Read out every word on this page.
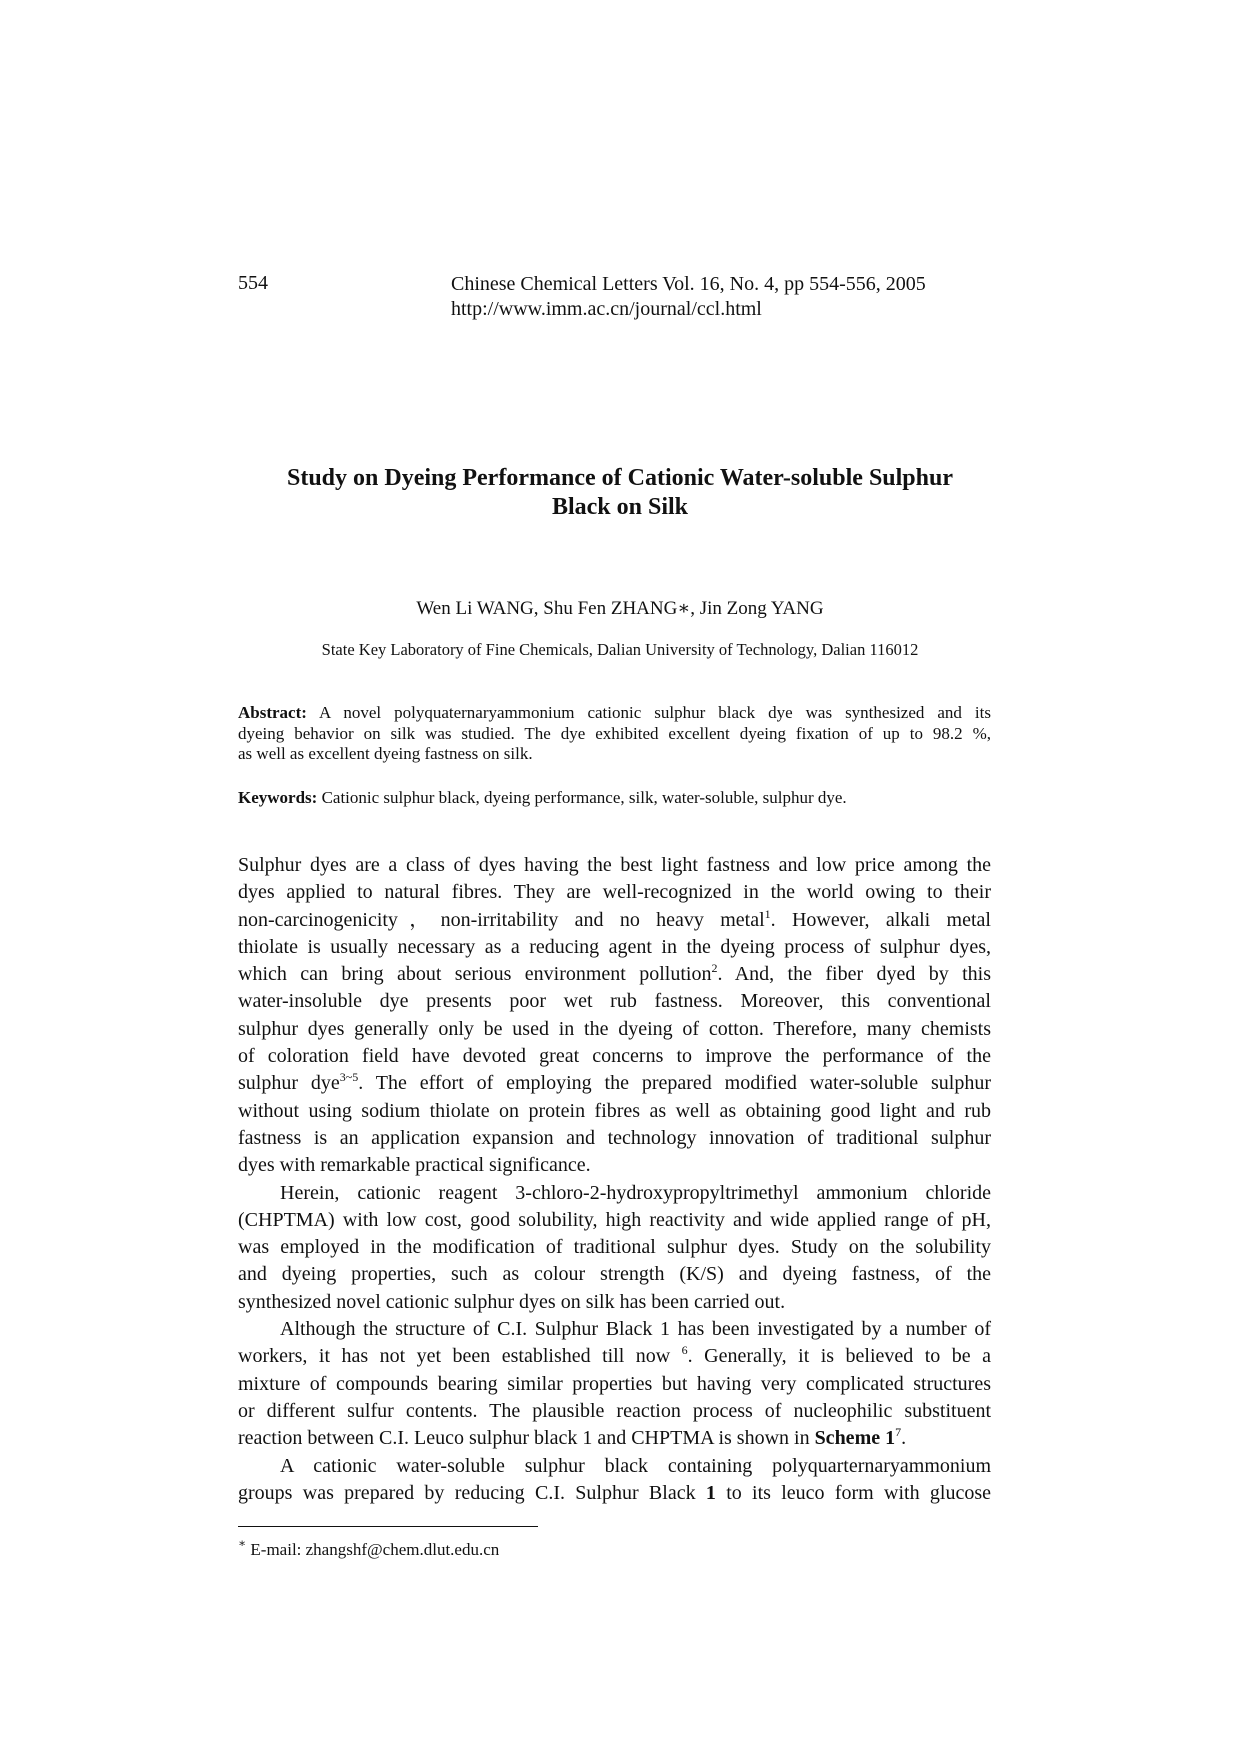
554	Chinese Chemical Letters Vol. 16, No. 4, pp 554-556, 2005
http://www.imm.ac.cn/journal/ccl.html
Study on Dyeing Performance of Cationic Water-soluble Sulphur
Black on Silk
Wen Li WANG, Shu Fen ZHANG∗, Jin Zong YANG
State Key Laboratory of Fine Chemicals, Dalian University of Technology, Dalian 116012
Abstract: A novel polyquaternaryammonium cationic sulphur black dye was synthesized and its
dyeing behavior on silk was studied. The dye exhibited excellent dyeing fixation of up to 98.2 %,
as well as excellent dyeing fastness on silk.
Keywords: Cationic sulphur black, dyeing performance, silk, water-soluble, sulphur dye.
Sulphur dyes are a class of dyes having the best light fastness and low price among the
dyes applied to natural fibres. They are well-recognized in the world owing to their
non-carcinogenicity，non-irritability and no heavy metal$^1$. However, alkali metal
thiolate is usually necessary as a reducing agent in the dyeing process of sulphur dyes,
which can bring about serious environment pollution$^2$. And, the fiber dyed by this
water-insoluble dye presents poor wet rub fastness. Moreover, this conventional
sulphur dyes generally only be used in the dyeing of cotton. Therefore, many chemists
of coloration field have devoted great concerns to improve the performance of the
sulphur dye$^{3\sim 5}$. The effort of employing the prepared modified water-soluble sulphur
without using sodium thiolate on protein fibres as well as obtaining good light and rub
fastness is an application expansion and technology innovation of traditional sulphur
dyes with remarkable practical significance.
Herein, cationic reagent 3-chloro-2-hydroxypropyltrimethyl ammonium chloride
(CHPTMA) with low cost, good solubility, high reactivity and wide applied range of pH,
was employed in the modification of traditional sulphur dyes. Study on the solubility
and dyeing properties, such as colour strength (K/S) and dyeing fastness, of the
synthesized novel cationic sulphur dyes on silk has been carried out.
Although the structure of C.I. Sulphur Black 1 has been investigated by a number of
workers, it has not yet been established till now $^6$. Generally, it is believed to be a
mixture of compounds bearing similar properties but having very complicated structures
or different sulfur contents. The plausible reaction process of nucleophilic substituent
reaction between C.I. Leuco sulphur black 1 and CHPTMA is shown in Scheme $1^7$.
A cationic water-soluble sulphur black containing polyquarternaryammonium
groups was prepared by reducing C.I. Sulphur Black 1 to its leuco form with glucose
∗ E-mail: zhangshf@chem.dlut.edu.cn
